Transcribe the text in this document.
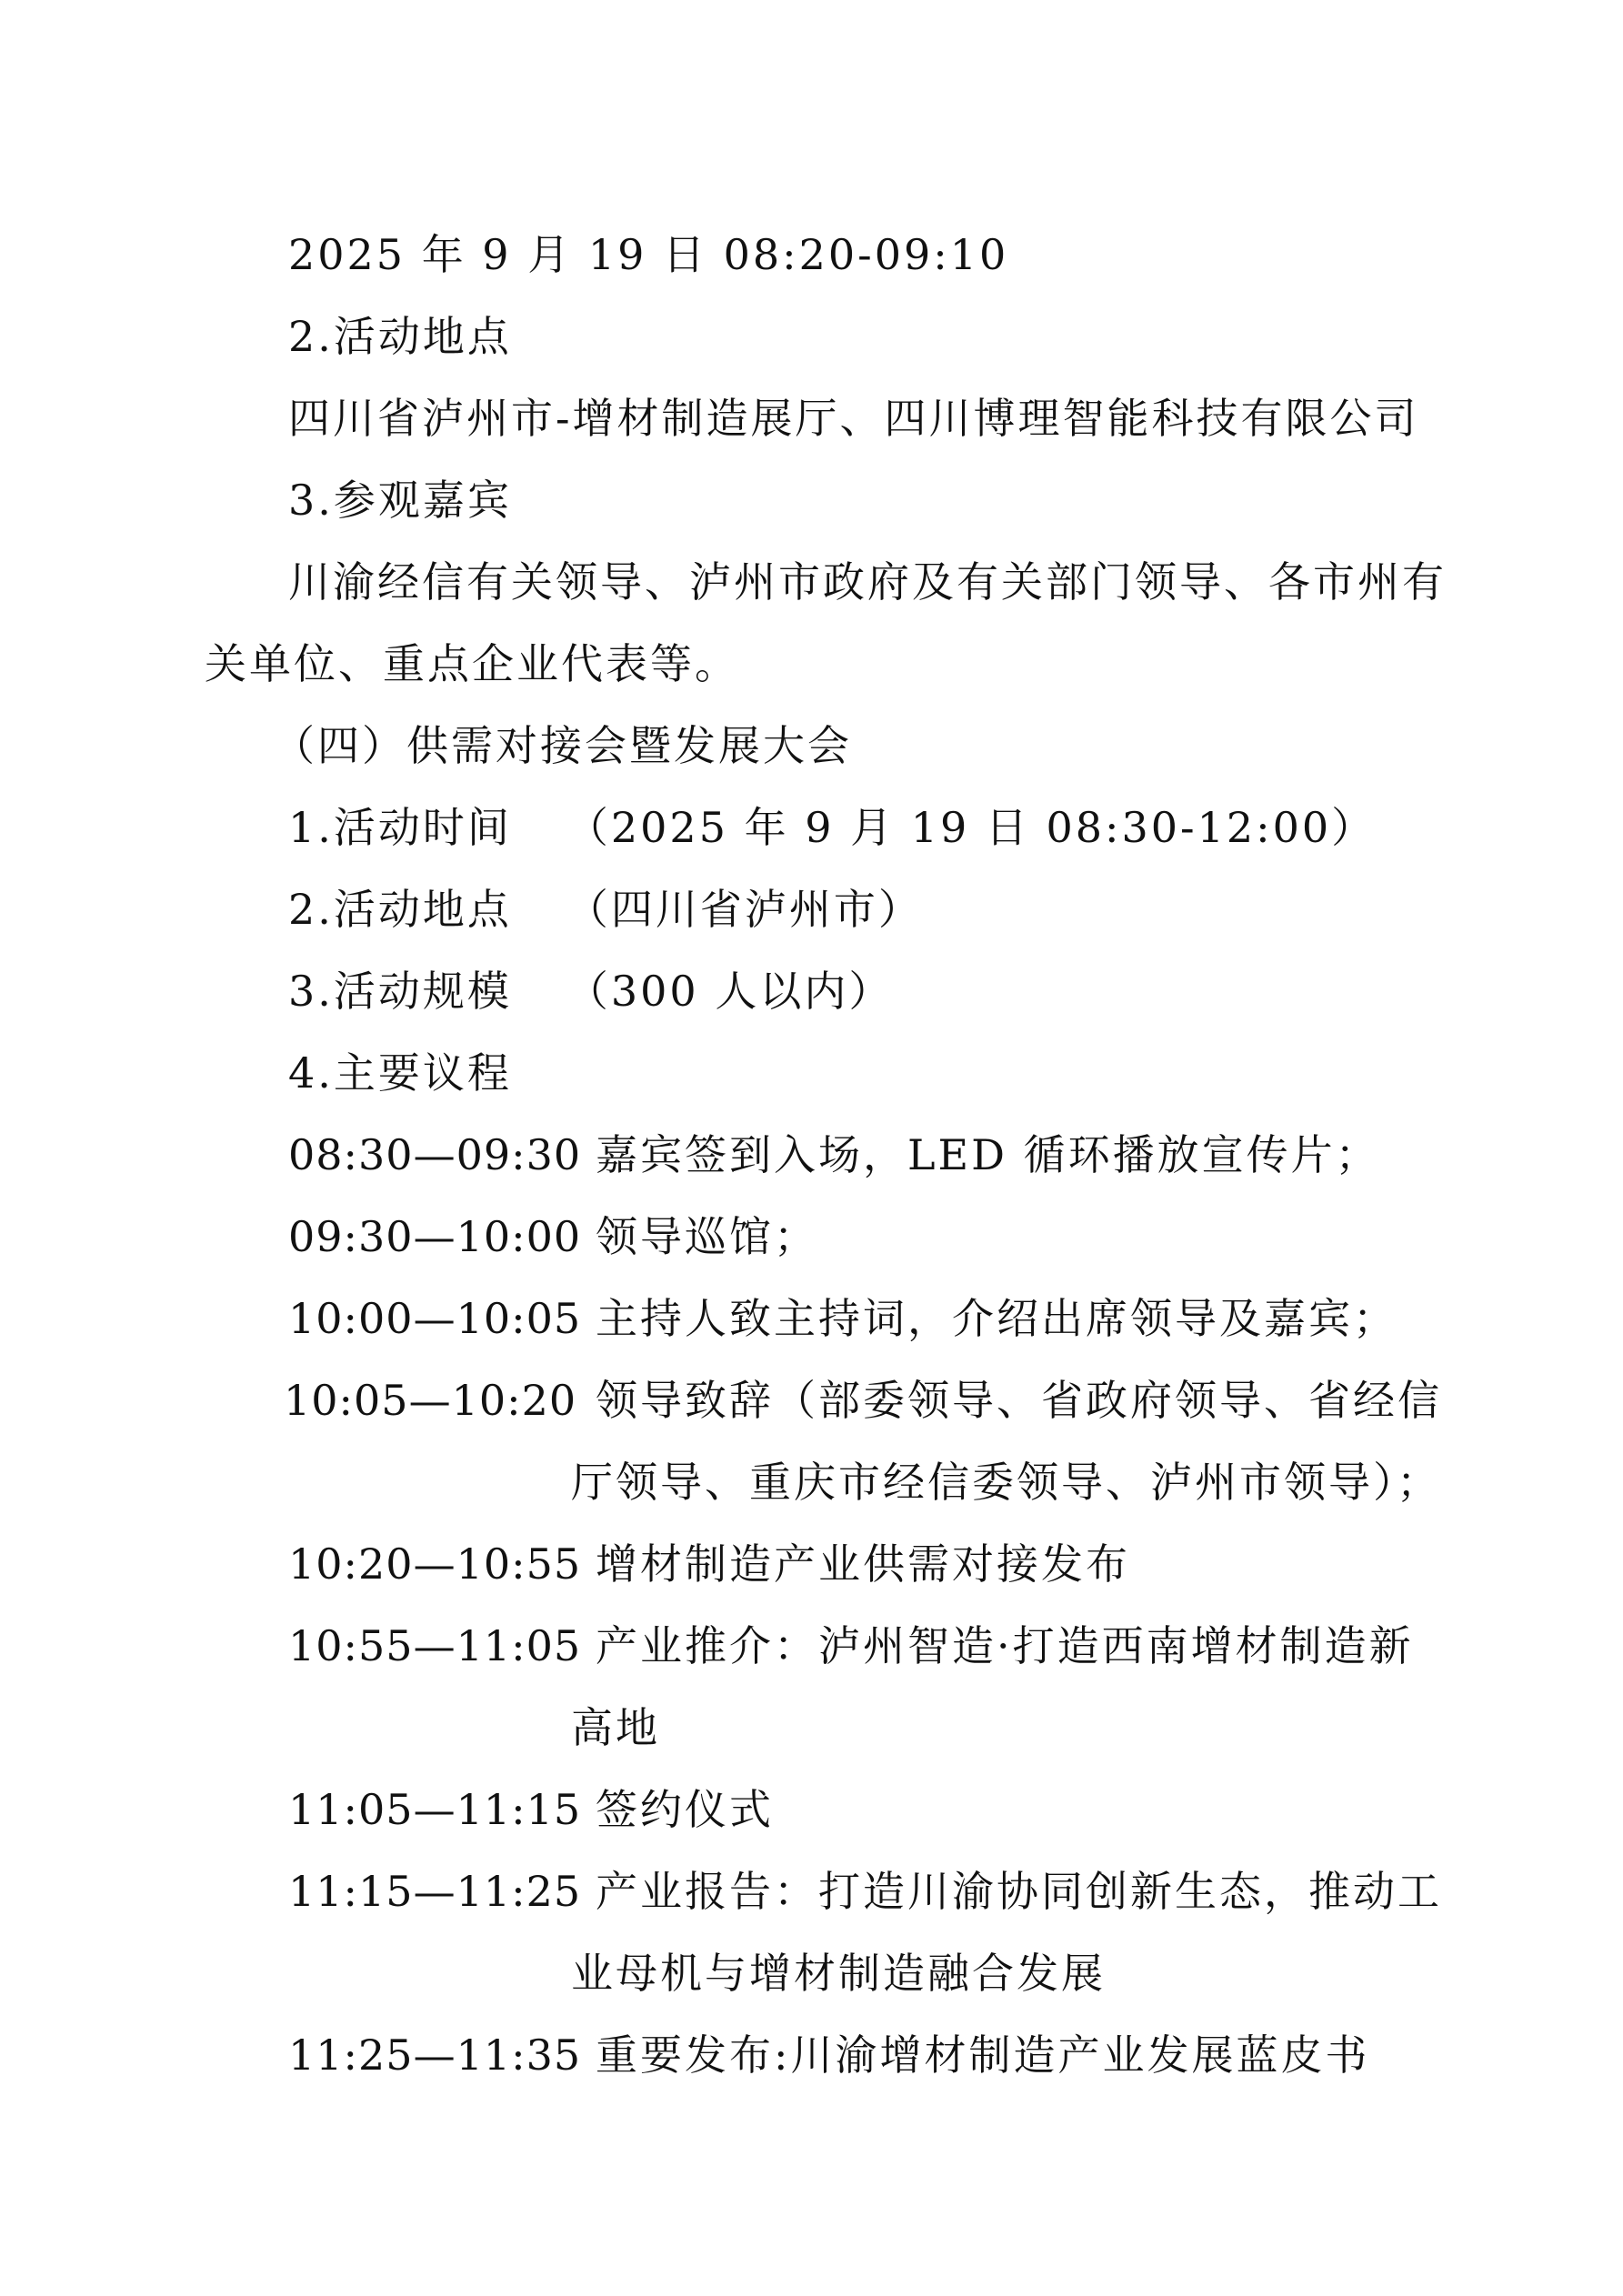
2025 年 9 月 19 日 08:20-09:10

2.活动地点

四川省泸州市-增材制造展厅、四川博理智能科技有限公司

3.参观嘉宾

川渝经信有关领导、泸州市政府及有关部门领导、各市州有

关单位、重点企业代表等。

（四）供需对接会暨发展大会

1.活动时间 （2025 年 9 月 19 日 08:30-12:00）

2.活动地点 （四川省泸州市）

3.活动规模 （300 人以内）

4.主要议程

08:30—09:30 嘉宾签到入场，LED 循环播放宣传片；
09:30—10:00 领导巡馆；
10:00—10:05 主持人致主持词，介绍出席领导及嘉宾；
10:05—10:20 领导致辞（部委领导、省政府领导、省经信
厅领导、重庆市经信委领导、泸州市领导）；
10:20—10:55 增材制造产业供需对接发布
10:55—11:05 产业推介：泸州智造·打造西南增材制造新
高地
11:05—11:15 签约仪式
11:15—11:25 产业报告：打造川渝协同创新生态，推动工
业母机与增材制造融合发展
11:25—11:35 重要发布:川渝增材制造产业发展蓝皮书
